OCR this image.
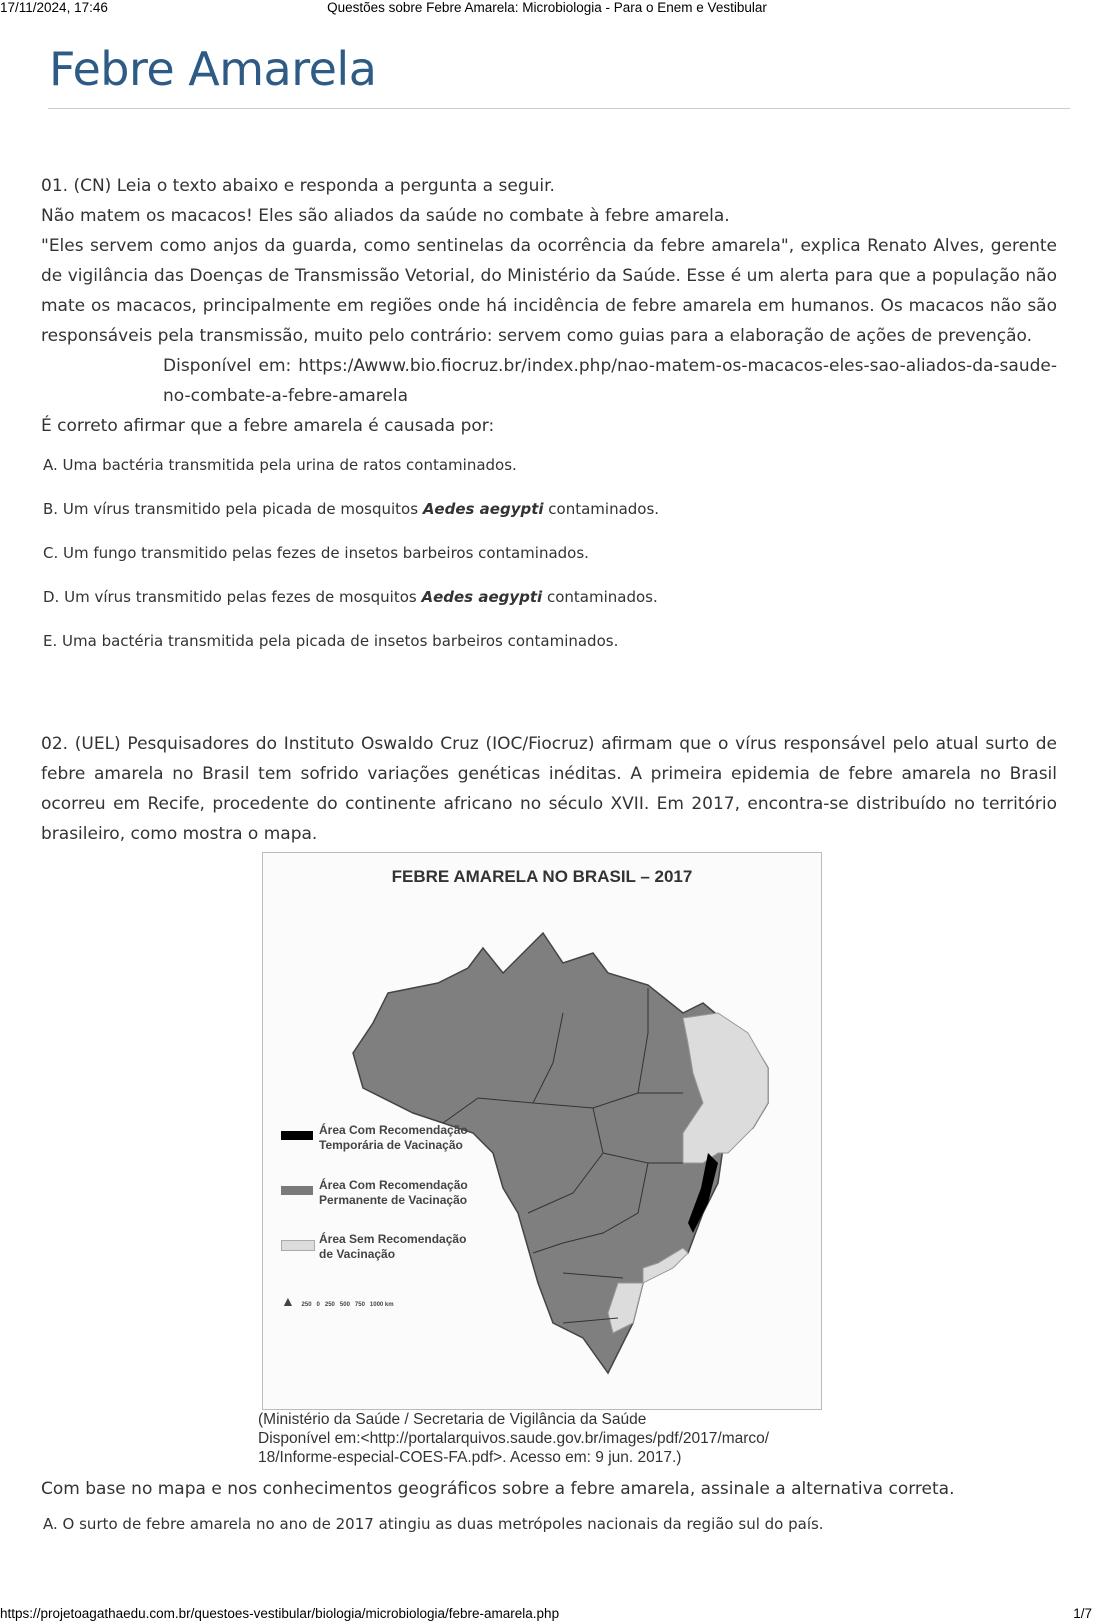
17/11/2024, 17:46	Questões sobre Febre Amarela: Microbiologia - Para o Enem e Vestibular
Febre Amarela
01. (CN) Leia o texto abaixo e responda a pergunta a seguir.
Não matem os macacos! Eles são aliados da saúde no combate à febre amarela.
"Eles servem como anjos da guarda, como sentinelas da ocorrência da febre amarela", explica Renato Alves, gerente de vigilância das Doenças de Transmissão Vetorial, do Ministério da Saúde. Esse é um alerta para que a população não mate os macacos, principalmente em regiões onde há incidência de febre amarela em humanos. Os macacos não são responsáveis pela transmissão, muito pelo contrário: servem como guias para a elaboração de ações de prevenção.
Disponível em: https:/Awww.bio.fiocruz.br/index.php/nao-matem-os-macacos-eles-sao-aliados-da-saude-no-combate-a-febre-amarela
É correto afirmar que a febre amarela é causada por:
A. Uma bactéria transmitida pela urina de ratos contaminados.
B. Um vírus transmitido pela picada de mosquitos Aedes aegypti contaminados.
C. Um fungo transmitido pelas fezes de insetos barbeiros contaminados.
D. Um vírus transmitido pelas fezes de mosquitos Aedes aegypti contaminados.
E. Uma bactéria transmitida pela picada de insetos barbeiros contaminados.
02. (UEL) Pesquisadores do Instituto Oswaldo Cruz (IOC/Fiocruz) afirmam que o vírus responsável pelo atual surto de febre amarela no Brasil tem sofrido variações genéticas inéditas. A primeira epidemia de febre amarela no Brasil ocorreu em Recife, procedente do continente africano no século XVII. Em 2017, encontra-se distribuído no território brasileiro, como mostra o mapa.
FEBRE AMARELA NO BRASIL – 2017
Área Com Recomendação
Temporária de Vacinação
Área Com Recomendação
Permanente de Vacinação
Área Sem Recomendação
de Vacinação
▲ 250   0   250   500   750   1000 km
(Ministério da Saúde / Secretaria de Vigilância da Saúde
Disponível em:<http://portalarquivos.saude.gov.br/images/pdf/2017/marco/
18/Informe-especial-COES-FA.pdf>. Acesso em: 9 jun. 2017.)
Com base no mapa e nos conhecimentos geográficos sobre a febre amarela, assinale a alternativa correta.
A. O surto de febre amarela no ano de 2017 atingiu as duas metrópoles nacionais da região sul do país.
https://projetoagathaedu.com.br/questoes-vestibular/biologia/microbiologia/febre-amarela.php	1/7
